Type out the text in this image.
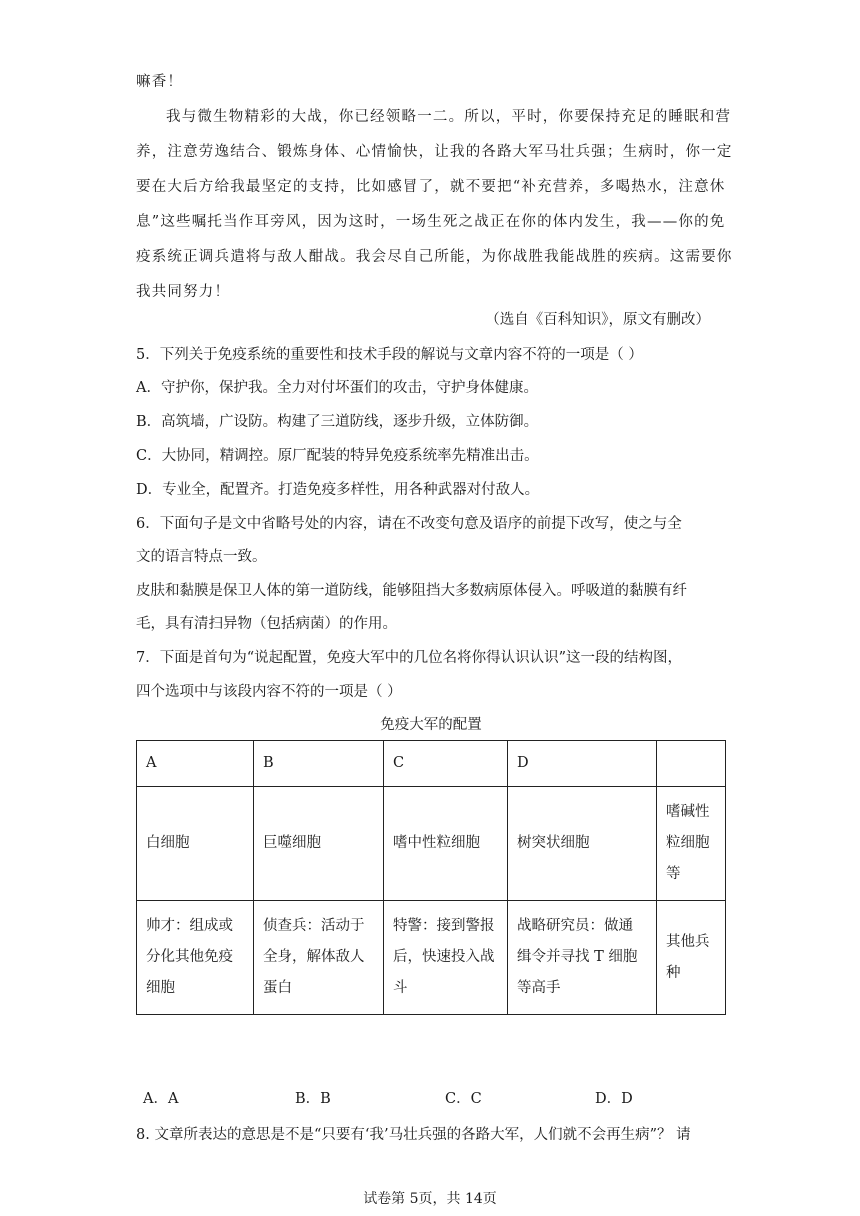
嘛香！
我与微生物精彩的大战，你已经领略一二。所以，平时，你要保持充足的睡眠和营
养，注意劳逸结合、锻炼身体、心情愉快，让我的各路大军马壮兵强；生病时，你一定
要在大后方给我最坚定的支持，比如感冒了，就不要把“补充营养，多喝热水，注意休
息”这些嘱托当作耳旁风，因为这时，一场生死之战正在你的体内发生，我——你的免
疫系统正调兵遣将与敌人酣战。我会尽自己所能，为你战胜我能战胜的疾病。这需要你
我共同努力！
（选自《百科知识》，原文有删改）
5．下列关于免疫系统的重要性和技术手段的解说与文章内容不符的一项是（ ）
A．守护你，保护我。全力对付坏蛋们的攻击，守护身体健康。
B．高筑墙，广设防。构建了三道防线，逐步升级，立体防御。
C．大协同，精调控。原厂配装的特异免疫系统率先精准出击。
D．专业全，配置齐。打造免疫多样性，用各种武器对付敌人。
6．下面句子是文中省略号处的内容，请在不改变句意及语序的前提下改写，使之与全
文的语言特点一致。
皮肤和黏膜是保卫人体的第一道防线，能够阻挡大多数病原体侵入。呼吸道的黏膜有纤
毛，具有清扫异物（包括病菌）的作用。
7．下面是首句为“说起配置，免疫大军中的几位名将你得认识认识”这一段的结构图，
四个选项中与该段内容不符的一项是（ ）
免疫大军的配置
A	B	C	D	
白细胞	巨噬细胞	嗜中性粒细胞	树突状细胞	嗜碱性粒细胞等
帅才：组成或分化其他免疫细胞	侦查兵：活动于全身，解体敌人蛋白	特警：接到警报后，快速投入战斗	战略研究员：做通缉令并寻找 T 细胞等高手	其他兵种
A．A	B．B	C．C	D．D
8. 文章所表达的意思是不是“只要有‘我’马壮兵强的各路大军，人们就不会再生病”？ 请
试卷第 5页，共 14页
